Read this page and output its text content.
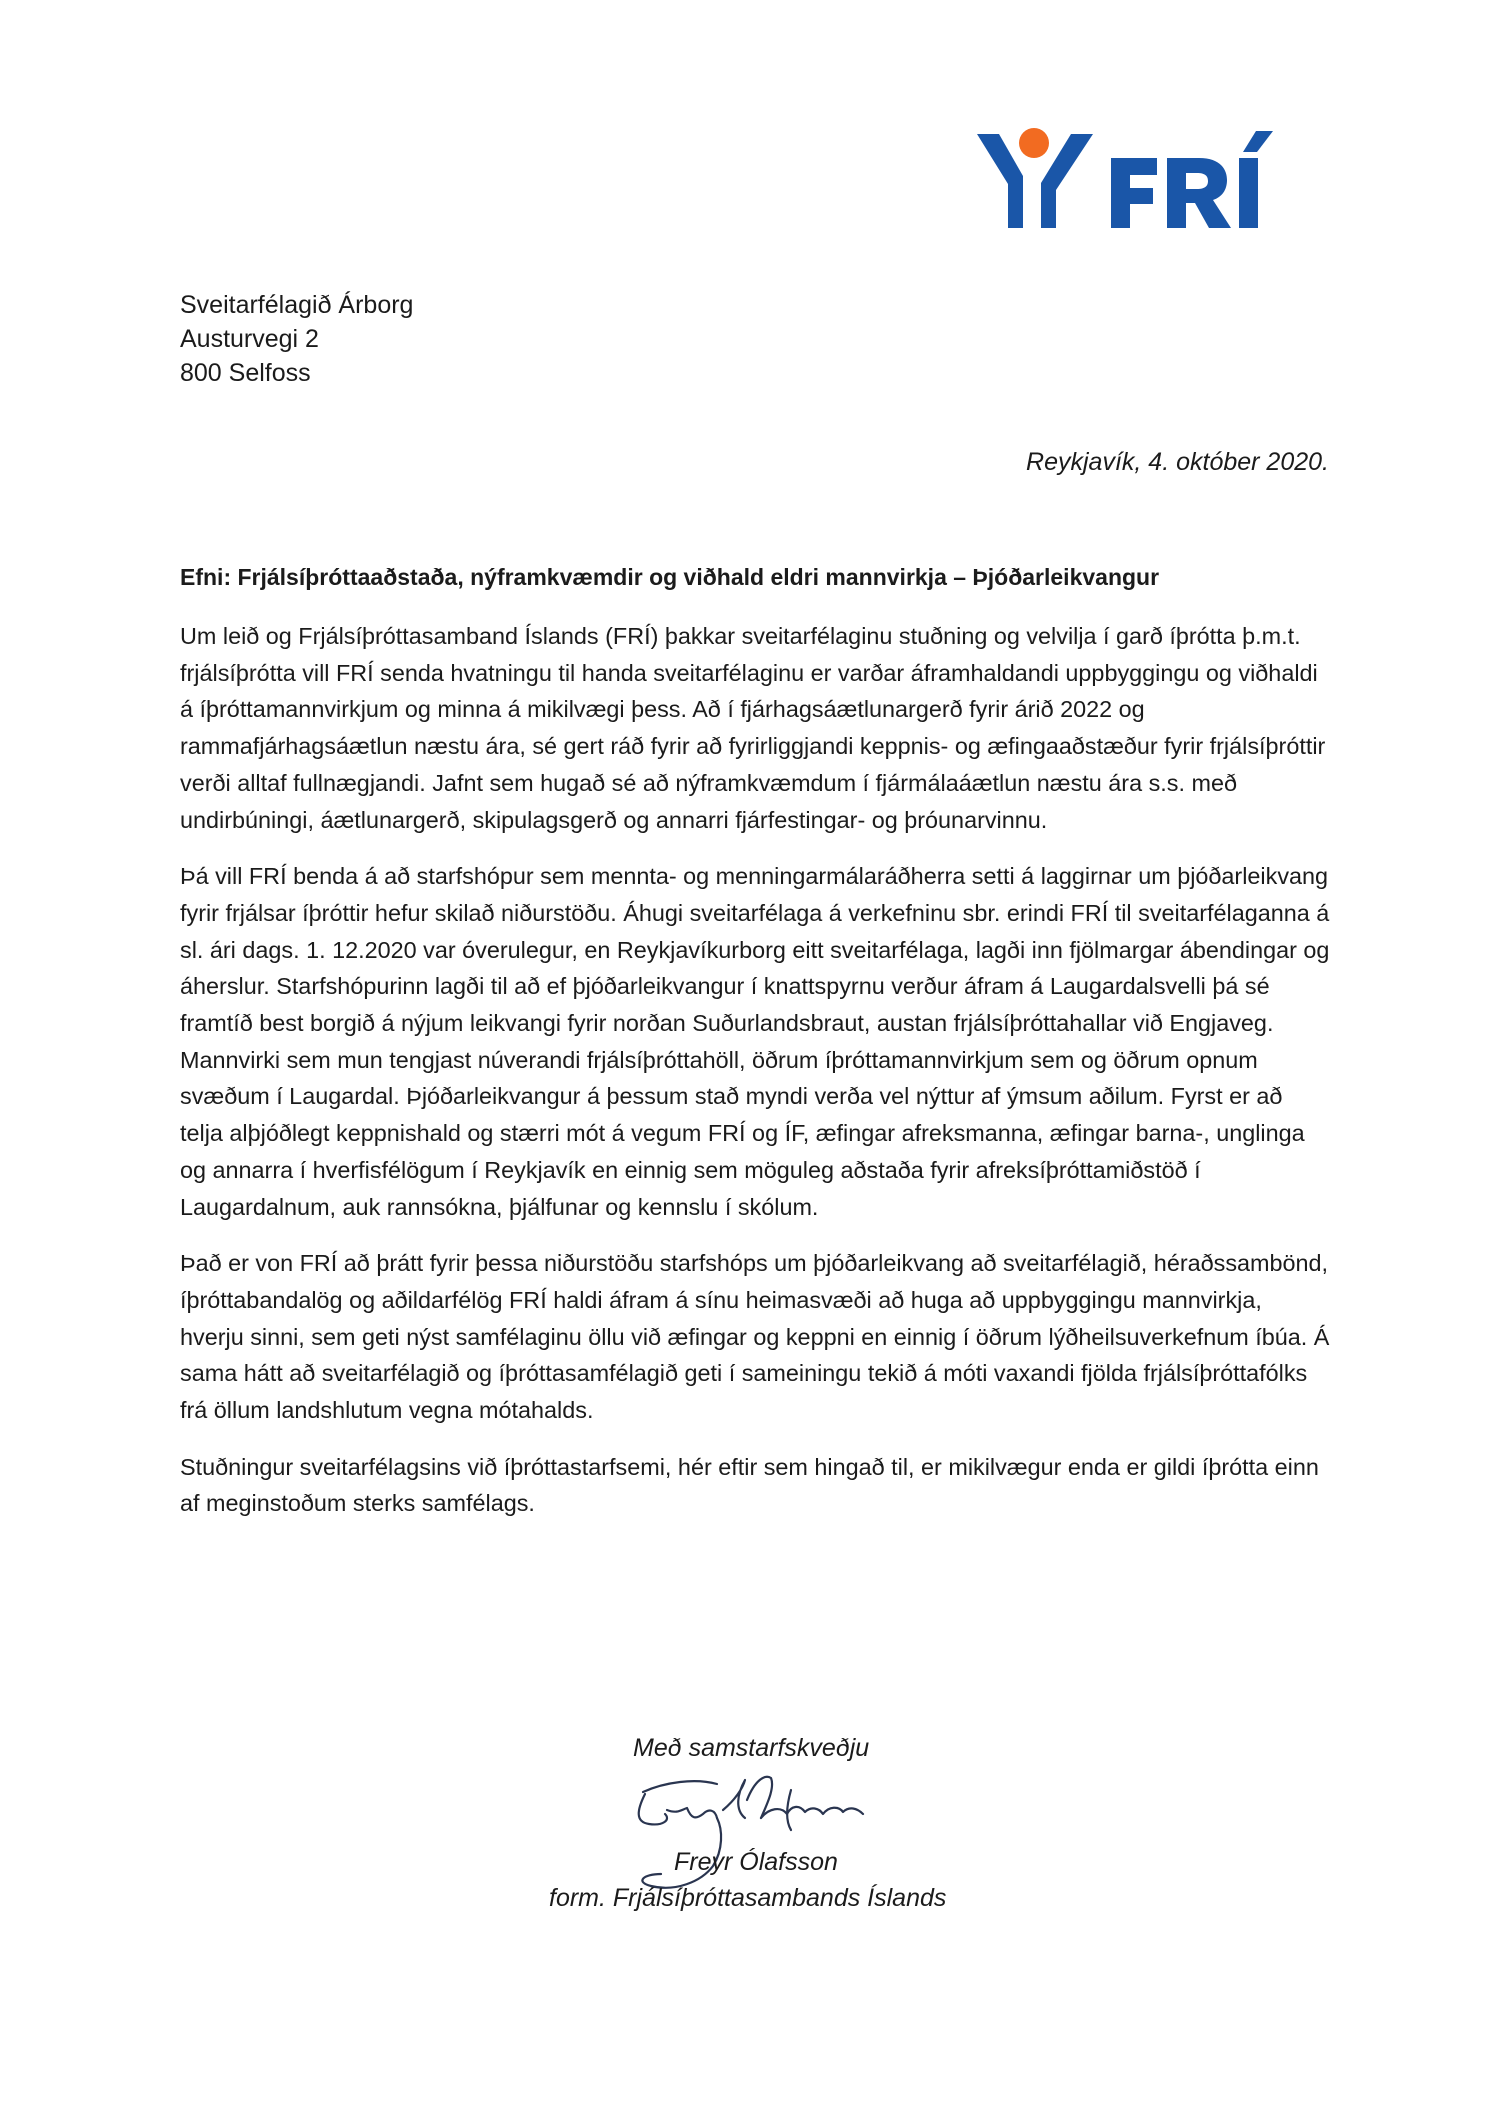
Sveitarfélagið Árborg
Austurvegi 2
800 Selfoss
Reykjavík, 4. október 2020.
Efni: Frjálsíþróttaaðstaða, nýframkvæmdir og viðhald eldri mannvirkja – Þjóðarleikvangur

Um leið og Frjálsíþróttasamband Íslands (FRÍ) þakkar sveitarfélaginu stuðning og velvilja í garð íþrótta þ.m.t. frjálsíþrótta vill FRÍ senda hvatningu til handa sveitarfélaginu er varðar áframhaldandi uppbyggingu og viðhaldi á íþróttamannvirkjum og minna á mikilvægi þess. Að í fjárhagsáætlunargerð fyrir árið 2022 og rammafjárhagsáætlun næstu ára, sé gert ráð fyrir að fyrirliggjandi keppnis- og æfingaaðstæður fyrir frjálsíþróttir verði alltaf fullnægjandi. Jafnt sem hugað sé að nýframkvæmdum í fjármálaáætlun næstu ára s.s. með undirbúningi, áætlunargerð, skipulagsgerð og annarri fjárfestingar- og þróunarvinnu.

Þá vill FRÍ benda á að starfshópur sem mennta- og menningarmálaráðherra setti á laggirnar um þjóðarleikvang fyrir frjálsar íþróttir hefur skilað niðurstöðu. Áhugi sveitarfélaga á verkefninu sbr. erindi FRÍ til sveitarfélaganna á sl. ári dags. 1. 12.2020 var óverulegur, en Reykjavíkurborg eitt sveitarfélaga, lagði inn fjölmargar ábendingar og áherslur. Starfshópurinn lagði til að ef þjóðarleikvangur í knattspyrnu verður áfram á Laugardalsvelli þá sé framtíð best borgið á nýjum leikvangi fyrir norðan Suðurlandsbraut, austan frjálsíþróttahallar við Engjaveg. Mannvirki sem mun tengjast núverandi frjálsíþróttahöll, öðrum íþróttamannvirkjum sem og öðrum opnum svæðum í Laugardal. Þjóðarleikvangur á þessum stað myndi verða vel nýttur af ýmsum aðilum. Fyrst er að telja alþjóðlegt keppnishald og stærri mót á vegum FRÍ og ÍF, æfingar afreksmanna, æfingar barna-, unglinga og annarra í hverfisfélögum í Reykjavík en einnig sem möguleg aðstaða fyrir afreksíþróttamiðstöð í Laugardalnum, auk rannsókna, þjálfunar og kennslu í skólum.

Það er von FRÍ að þrátt fyrir þessa niðurstöðu starfshóps um þjóðarleikvang að sveitarfélagið, héraðssambönd, íþróttabandalög og aðildarfélög FRÍ haldi áfram á sínu heimasvæði að huga að uppbyggingu mannvirkja, hverju sinni, sem geti nýst samfélaginu öllu við æfingar og keppni en einnig í öðrum lýðheilsuverkefnum íbúa. Á sama hátt að sveitarfélagið og íþróttasamfélagið geti í sameiningu tekið á móti vaxandi fjölda frjálsíþróttafólks frá öllum landshlutum vegna mótahalds.

Stuðningur sveitarfélagsins við íþróttastarfsemi, hér eftir sem hingað til, er mikilvægur enda er gildi íþrótta einn af meginstoðum sterks samfélags.

Með samstarfskveðju
Freyr Ólafsson
form. Frjálsíþróttasambands Íslands
